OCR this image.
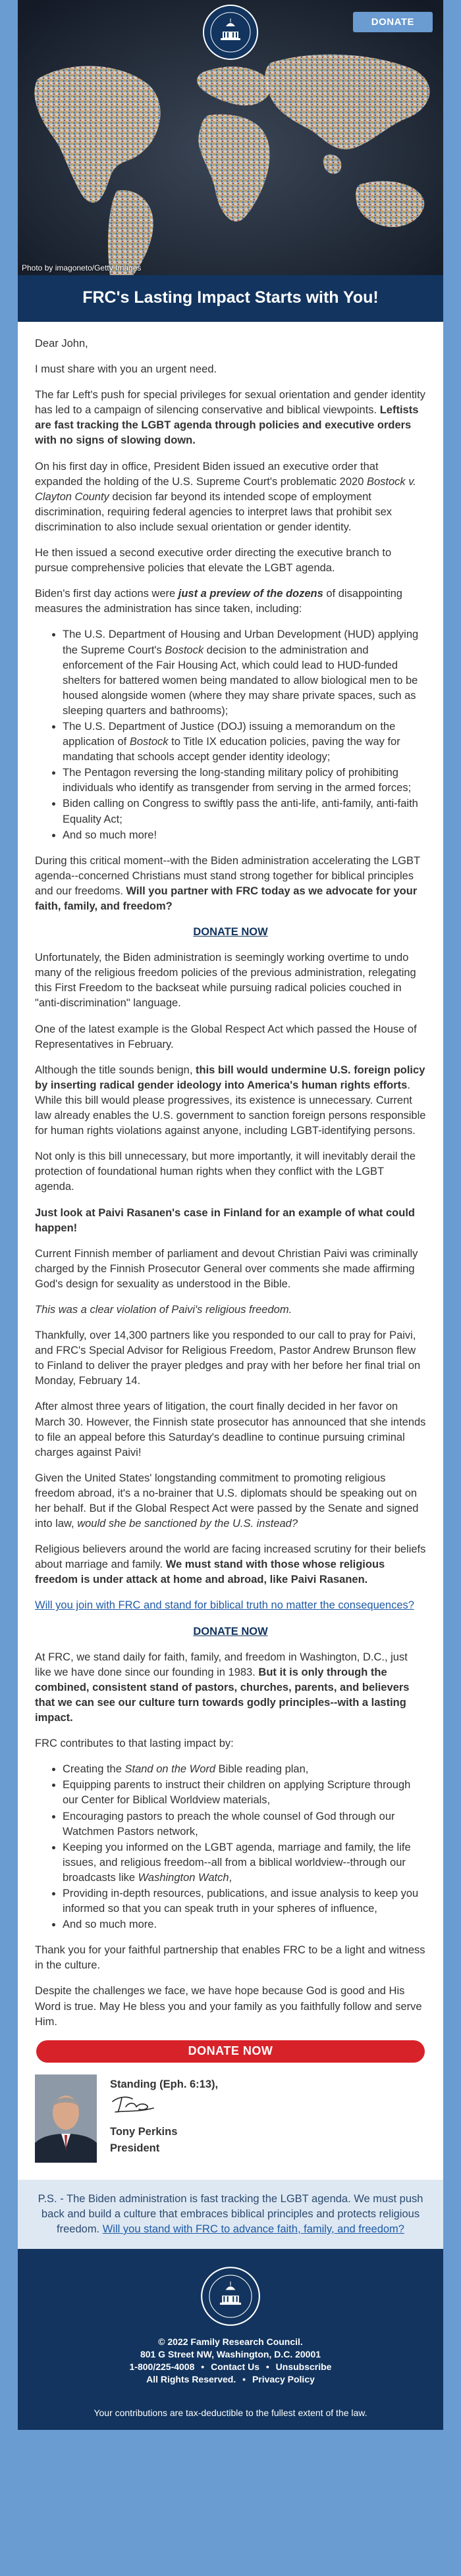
DONATE
Photo by imagoneto/Getty Images
FRC's Lasting Impact Starts with You!

Dear John,

I must share with you an urgent need.

The far Left's push for special privileges for sexual orientation and gender identity has led to a campaign of silencing conservative and biblical viewpoints. Leftists are fast tracking the LGBT agenda through policies and executive orders with no signs of slowing down.

On his first day in office, President Biden issued an executive order that expanded the holding of the U.S. Supreme Court's problematic 2020 Bostock v. Clayton County decision far beyond its intended scope of employment discrimination, requiring federal agencies to interpret laws that prohibit sex discrimination to also include sexual orientation or gender identity.

He then issued a second executive order directing the executive branch to pursue comprehensive policies that elevate the LGBT agenda.

Biden's first day actions were just a preview of the dozens of disappointing measures the administration has since taken, including:

• The U.S. Department of Housing and Urban Development (HUD) applying the Supreme Court's Bostock decision to the administration and enforcement of the Fair Housing Act, which could lead to HUD-funded shelters for battered women being mandated to allow biological men to be housed alongside women (where they may share private spaces, such as sleeping quarters and bathrooms);
• The U.S. Department of Justice (DOJ) issuing a memorandum on the application of Bostock to Title IX education policies, paving the way for mandating that schools accept gender identity ideology;
• The Pentagon reversing the long-standing military policy of prohibiting individuals who identify as transgender from serving in the armed forces;
• Biden calling on Congress to swiftly pass the anti-life, anti-family, anti-faith Equality Act;
• And so much more!

During this critical moment--with the Biden administration accelerating the LGBT agenda--concerned Christians must stand strong together for biblical principles and our freedoms. Will you partner with FRC today as we advocate for your faith, family, and freedom?

DONATE NOW

Unfortunately, the Biden administration is seemingly working overtime to undo many of the religious freedom policies of the previous administration, relegating this First Freedom to the backseat while pursuing radical policies couched in "anti-discrimination" language.

One of the latest example is the Global Respect Act which passed the House of Representatives in February.

Although the title sounds benign, this bill would undermine U.S. foreign policy by inserting radical gender ideology into America's human rights efforts. While this bill would please progressives, its existence is unnecessary. Current law already enables the U.S. government to sanction foreign persons responsible for human rights violations against anyone, including LGBT-identifying persons.

Not only is this bill unnecessary, but more importantly, it will inevitably derail the protection of foundational human rights when they conflict with the LGBT agenda.

Just look at Paivi Rasanen's case in Finland for an example of what could happen!

Current Finnish member of parliament and devout Christian Paivi was criminally charged by the Finnish Prosecutor General over comments she made affirming God's design for sexuality as understood in the Bible.

This was a clear violation of Paivi's religious freedom.

Thankfully, over 14,300 partners like you responded to our call to pray for Paivi, and FRC's Special Advisor for Religious Freedom, Pastor Andrew Brunson flew to Finland to deliver the prayer pledges and pray with her before her final trial on Monday, February 14.

After almost three years of litigation, the court finally decided in her favor on March 30. However, the Finnish state prosecutor has announced that she intends to file an appeal before this Saturday's deadline to continue pursuing criminal charges against Paivi!

Given the United States' longstanding commitment to promoting religious freedom abroad, it's a no-brainer that U.S. diplomats should be speaking out on her behalf. But if the Global Respect Act were passed by the Senate and signed into law, would she be sanctioned by the U.S. instead?

Religious believers around the world are facing increased scrutiny for their beliefs about marriage and family. We must stand with those whose religious freedom is under attack at home and abroad, like Paivi Rasanen.

Will you join with FRC and stand for biblical truth no matter the consequences?

DONATE NOW

At FRC, we stand daily for faith, family, and freedom in Washington, D.C., just like we have done since our founding in 1983. But it is only through the combined, consistent stand of pastors, churches, parents, and believers that we can see our culture turn towards godly principles--with a lasting impact.

FRC contributes to that lasting impact by:

• Creating the Stand on the Word Bible reading plan,
• Equipping parents to instruct their children on applying Scripture through our Center for Biblical Worldview materials,
• Encouraging pastors to preach the whole counsel of God through our Watchmen Pastors network,
• Keeping you informed on the LGBT agenda, marriage and family, the life issues, and religious freedom--all from a biblical worldview--through our broadcasts like Washington Watch,
• Providing in-depth resources, publications, and issue analysis to keep you informed so that you can speak truth in your spheres of influence,
• And so much more.

Thank you for your faithful partnership that enables FRC to be a light and witness in the culture.

Despite the challenges we face, we have hope because God is good and His Word is true. May He bless you and your family as you faithfully follow and serve Him.

DONATE NOW
Standing (Eph. 6:13),
Tony Perkins
President
P.S. - The Biden administration is fast tracking the LGBT agenda. We must push back and build a culture that embraces biblical principles and protects religious freedom. Will you stand with FRC to advance faith, family, and freedom?
© 2022 Family Research Council.
801 G Street NW, Washington, D.C. 20001
1-800/225-4008 • Contact Us • Unsubscribe
All Rights Reserved. • Privacy Policy
Your contributions are tax-deductible to the fullest extent of the law.
